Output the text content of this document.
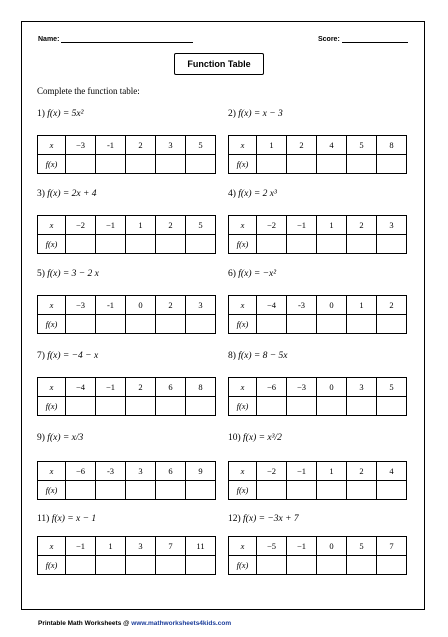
Name:	Score:
Function Table
Complete the function table:
1) f(x) = 5x²
x	−3	-1	2	3	5
f(x)					
2) f(x) = x − 3
x	1	2	4	5	8
f(x)					
3) f(x) = 2x + 4
x	−2	−1	1	2	5
f(x)					
4) f(x) = 2 x³
x	−2	−1	1	2	3
f(x)					
5) f(x) = 3 − 2 x
x	−3	-1	0	2	3
f(x)					
6) f(x) = −x²
x	−4	-3	0	1	2
f(x)					
7) f(x) = −4 − x
x	−4	−1	2	6	8
f(x)					
8) f(x) = 8 − 5x
x	−6	−3	0	3	5
f(x)					
9) f(x) = x/3
x	−6	-3	3	6	9
f(x)					
10) f(x) = x³/2
x	−2	−1	1	2	4
f(x)					
11) f(x) = x − 1
x	−1	1	3	7	11
f(x)					
12) f(x) = −3x + 7
x	−5	−1	0	5	7
f(x)					
Printable Math Worksheets @ www.mathworksheets4kids.com
